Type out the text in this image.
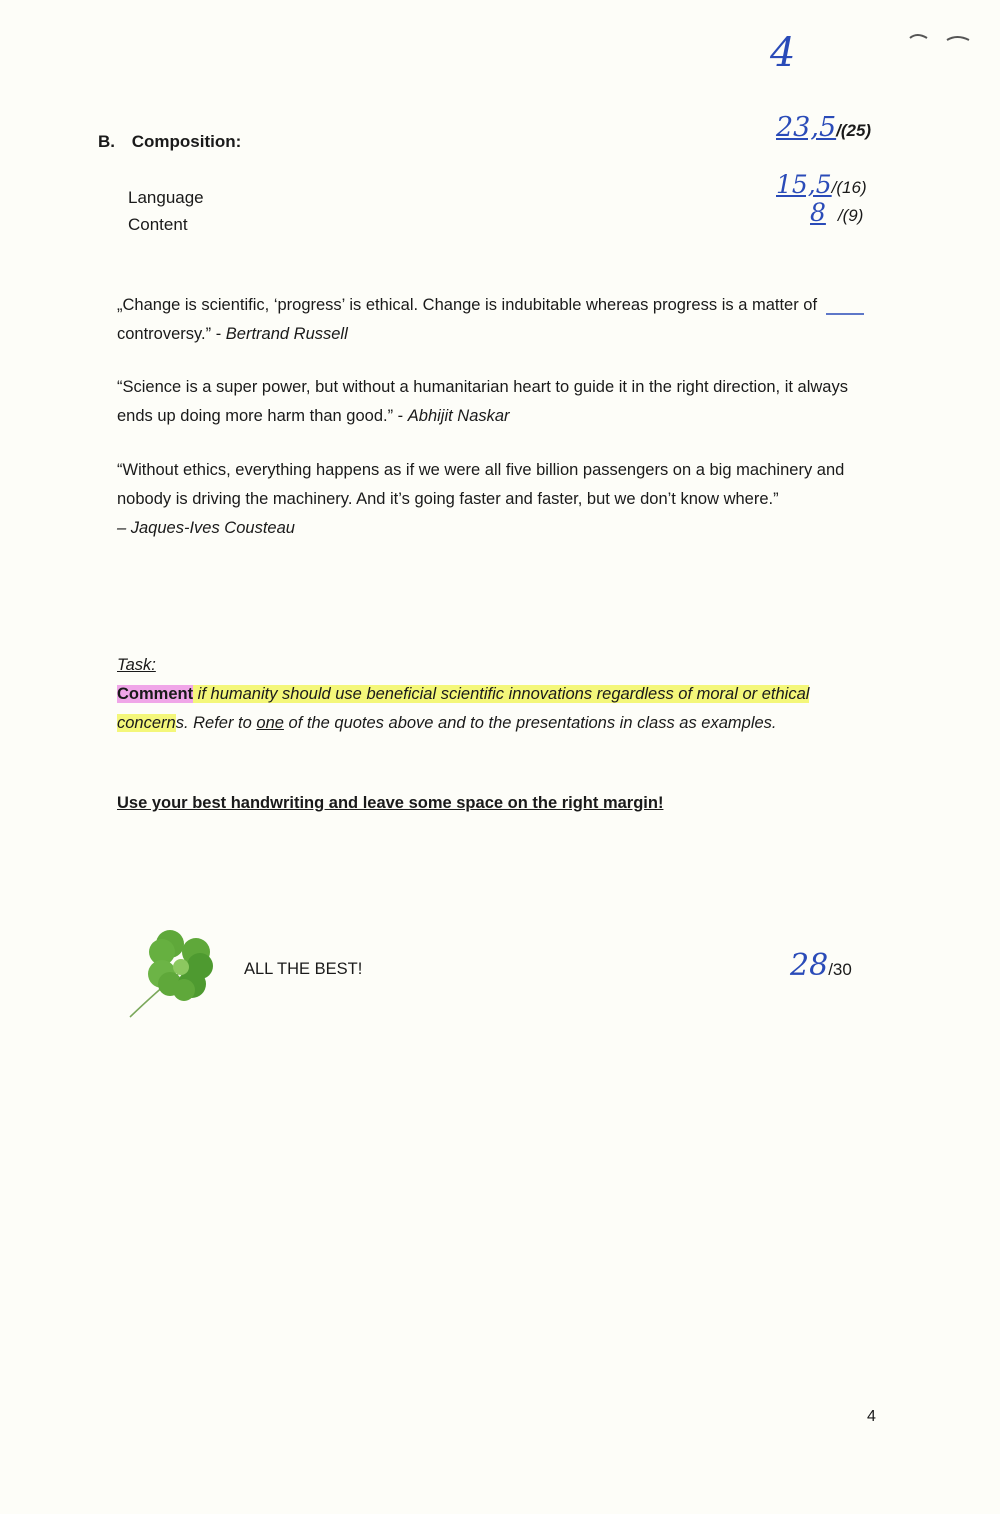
4
B. Composition:	23,5/(25)
Language
Content
15,5/(16)
8 /(9)
„Change is scientific, ‘progress’ is ethical. Change is indubitable whereas progress is a matter of controversy.” - Bertrand Russell
“Science is a super power, but without a humanitarian heart to guide it in the right direction, it always ends up doing more harm than good.” - Abhijit Naskar
“Without ethics, everything happens as if we were all five billion passengers on a big machinery and nobody is driving the machinery. And it’s going faster and faster, but we don’t know where.”
– Jaques-Ives Cousteau
Task:
Comment if humanity should use beneficial scientific innovations regardless of moral or ethical concerns. Refer to one of the quotes above and to the presentations in class as examples.
Use your best handwriting and leave some space on the right margin!
ALL THE BEST!	28/30
4
